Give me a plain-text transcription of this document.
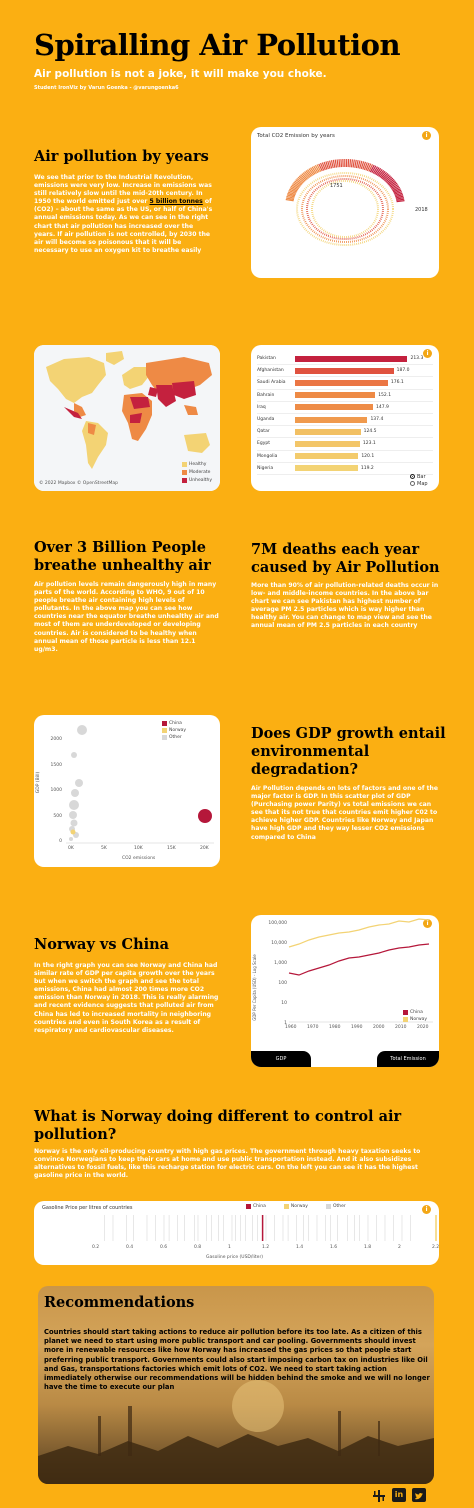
Spiralling Air Pollution
Air pollution is not a joke, it will make you choke.
Student IronViz by Varun Goenka - @varungoenka6
Air pollution by years
We see that prior to the Industrial Revolution, emissions were very low. Increase in emissions was still relatively slow until the mid-20th century. In 1950 the world emitted just over 5 billion tonnes of (CO2) – about the same as the US, or half of China's annual emissions today. As we can see in the right chart that air pollution has increased over the years. If air pollution is not controlled, by 2030 the air will become so poisonous that it will be necessary to use an oxygen kit to breathe easily
Total CO2 Emission by years	i
1751
2018
© 2022 Mapbox © OpenStreetMap
Healthy
Moderate
Unhealthy
i
Pakistan	213.3
Afghanistan	187.0
Saudi Arabia	176.1
Bahrain	152.1
Iraq	147.9
Uganda	137.4
Qatar	124.5
Egypt	123.1
Mongolia	120.1
Nigeria	119.2
Bar
Map
Over 3 Billion People breathe unhealthy air
Air pollution levels remain dangerously high in many parts of the world. According to WHO, 9 out of 10 people breathe air containing high levels of pollutants. In the above map you can see how countries near the equator breathe unhealthy air and most of them are underdeveloped or developing countries. Air is considered to be healthy when annual mean of those particle is less than 12.1 ug/m3.
7M deaths each year caused by Air Pollution
More than 90% of air pollution-related deaths occur in low- and middle-income countries. In the above bar chart we can see Pakistan has highest number of average PM 2.5 particles which is way higher than healthy air. You can change to map view and see the annual mean of PM 2.5 particles in each country
China
Norway
Other
GDP (Bill)
2000
1500
1000
500
0
0K	5K	10K	15K	20K
CO2 emissions
Does GDP growth entail environmental degradation?
Air Pollution depends on lots of factors and one of the major factor is GDP. In this scatter plot of GDP (Purchasing power Parity) vs total emissions we can see that its not true that countries emit higher C02 to achieve higher GDP. Countries like Norway and Japan have high GDP and they way lesser CO2 emissions compared to China
Norway vs China
In the right graph you can see Norway and China had similar rate of GDP per capita growth over the years but when we switch the graph and see the total emissions, China had almost 200 times more CO2 emission than Norway in 2018. This is really alarming and recent evidence suggests that polluted air from China has led to increased mortality in neighboring countries and even in South Korea as a result of respiratory and cardiovascular diseases.
i
GDP Per Capita (USD) - Log Scale
100,000
10,000
1,000
100
10
1
1960 1970 1980 1990 2000 2010 2020
China
Norway
GDP	Total Emission
What is Norway doing different to control air pollution?
Norway is the only oil-producing country with high gas prices. The government through heavy taxation seeks to convince Norwegians to keep their cars at home and use public transportation instead. And it also subsidizes alternatives to fossil fuels, like this recharge station for electric cars. On the left you can see it has the highest gasoline price in the world.
Gasoline Price per litres of countries	i
China	Norway	Other
0.2	0.4	0.6	0.8	1	1.2	1.4	1.6	1.8	2	2.2
Gasoline price (USD/liter)
Recommendations
Countries should start taking actions to reduce air pollution before its too late. As a citizen of this planet we need to start using more public transport and car pooling. Governments should invest more in renewable resources like how Norway has increased the gas prices so that people start preferring public transport. Governments could also start imposing carbon tax on industries like Oil and Gas, transportations factories which emit lots of CO2. We need to start taking action immediately otherwise our recommendations will be hidden behind the smoke and we will no longer have the time to execute our plan
in
